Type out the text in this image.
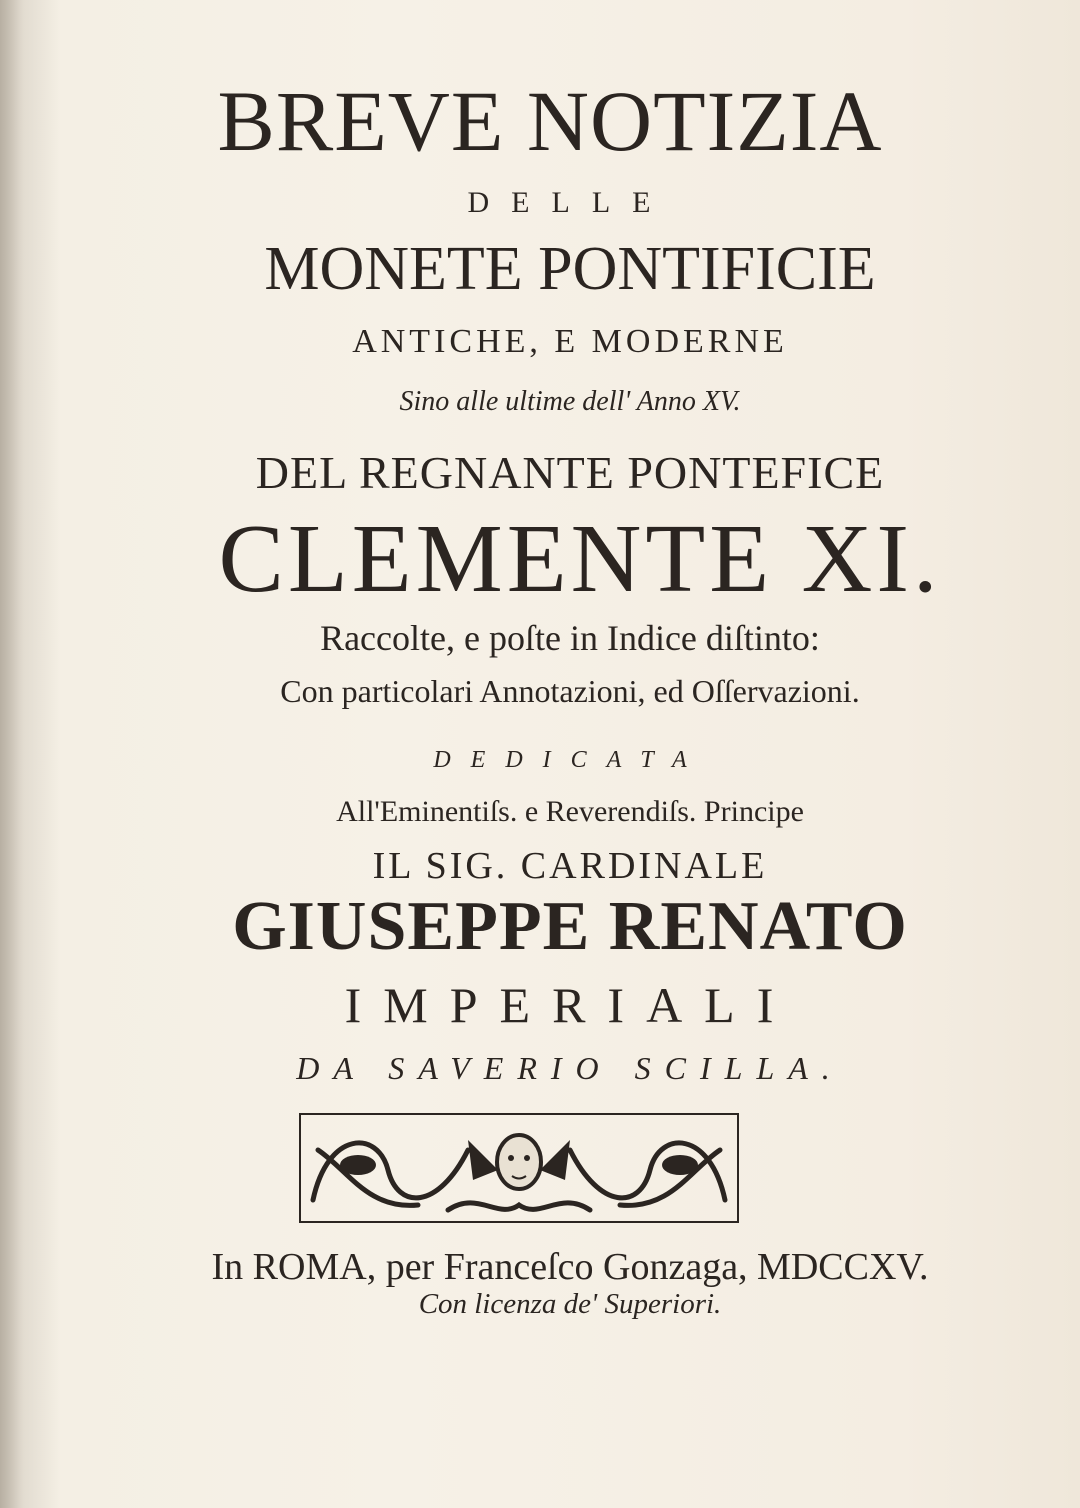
BREVE NOTIZIA
DELLE
MONETE PONTIFICIE
ANTICHE, E MODERNE
Sino alle ultime dell' Anno XV.
DEL REGNANTE PONTEFICE
CLEMENTE XI.
Raccolte, e poſte in Indice diſtinto:
Con particolari Annotazioni, ed Oſſervazioni.
DEDICATA
All'Eminentiſs. e Reverendiſs. Principe
IL SIG. CARDINALE
GIUSEPPE RENATO
IMPERIALI
DA SAVERIO SCILLA.
In ROMA, per Franceſco Gonzaga, MDCCXV.
Con licenza de' Superiori.
